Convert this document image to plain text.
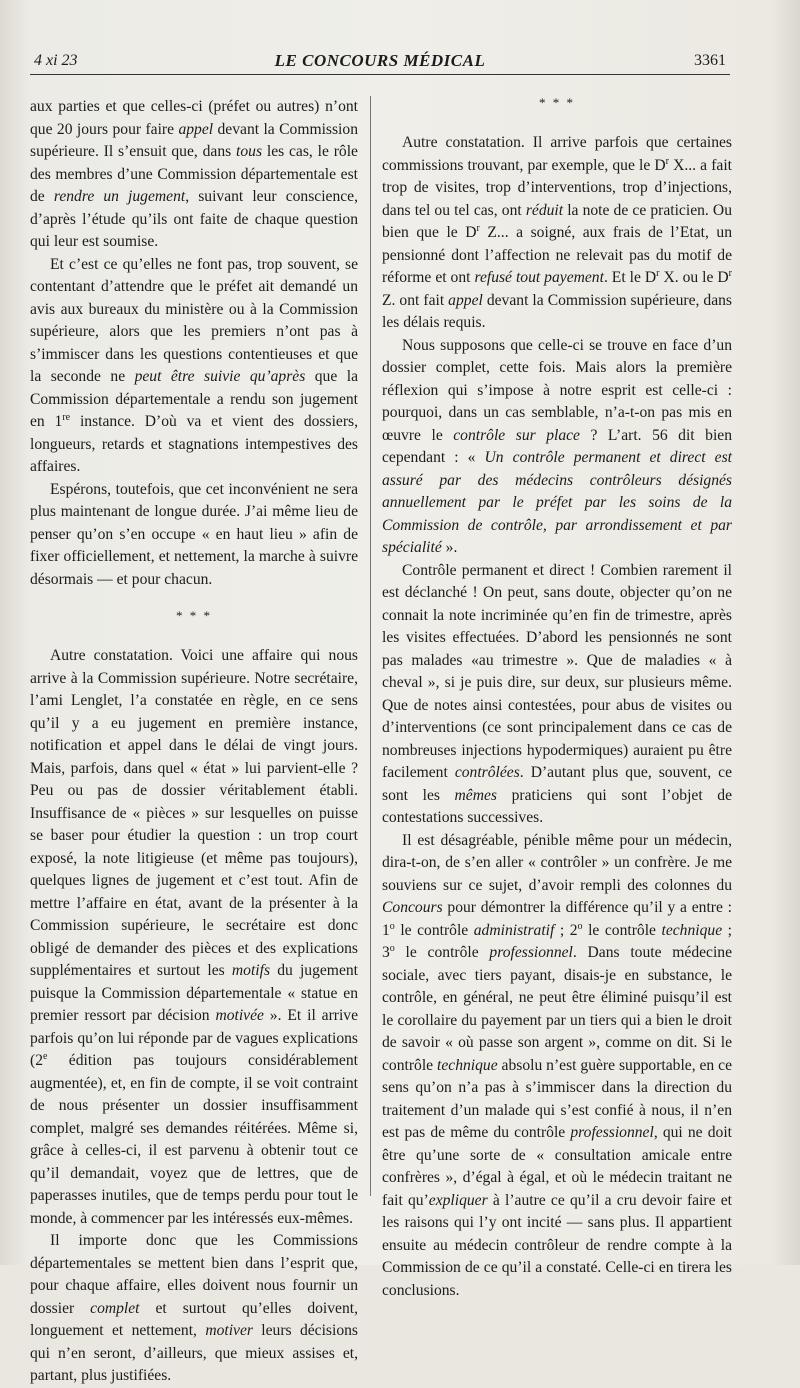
4 xi 23	LE CONCOURS MÉDICAL	3361

aux parties et que celles-ci (préfet ou autres) n’ont que 20 jours pour faire appel devant la Commission supérieure. Il s’ensuit que, dans tous les cas, le rôle des membres d’une Commission départementale est de rendre un jugement, suivant leur conscience, d’après l’étude qu’ils ont faite de chaque question qui leur est soumise.

Et c’est ce qu’elles ne font pas, trop souvent, se contentant d’attendre que le préfet ait demandé un avis aux bureaux du ministère ou à la Commission supérieure, alors que les premiers n’ont pas à s’immiscer dans les questions contentieuses et que la seconde ne peut être suivie qu’après que la Commission départementale a rendu son jugement en 1re instance. D’où va et vient des dossiers, longueurs, retards et stagnations intempestives des affaires.

Espérons, toutefois, que cet inconvénient ne sera plus maintenant de longue durée. J’ai même lieu de penser qu’on s’en occupe « en haut lieu » afin de fixer officiellement, et nettement, la marche à suivre désormais — et pour chacun.

* * *

Autre constatation. Voici une affaire qui nous arrive à la Commission supérieure. Notre secrétaire, l’ami Lenglet, l’a constatée en règle, en ce sens qu’il y a eu jugement en première instance, notification et appel dans le délai de vingt jours. Mais, parfois, dans quel « état » lui parvient-elle ? Peu ou pas de dossier véritablement établi. Insuffisance de « pièces » sur lesquelles on puisse se baser pour étudier la question : un trop court exposé, la note litigieuse (et même pas toujours), quelques lignes de jugement et c’est tout. Afin de mettre l’affaire en état, avant de la présenter à la Commission supérieure, le secrétaire est donc obligé de demander des pièces et des explications supplémentaires et surtout les motifs du jugement puisque la Commission départementale « statue en premier ressort par décision motivée ». Et il arrive parfois qu’on lui réponde par de vagues explications (2e édition pas toujours considérablement augmentée), et, en fin de compte, il se voit contraint de nous présenter un dossier insuffisamment complet, malgré ses demandes réitérées. Même si, grâce à celles-ci, il est parvenu à obtenir tout ce qu’il demandait, voyez que de lettres, que de paperasses inutiles, que de temps perdu pour tout le monde, à commencer par les intéressés eux-mêmes.

Il importe donc que les Commissions départementales se mettent bien dans l’esprit que, pour chaque affaire, elles doivent nous fournir un dossier complet et surtout qu’elles doivent, longuement et nettement, motiver leurs décisions qui n’en seront, d’ailleurs, que mieux assises et, partant, plus justifiées.

* * *

Autre constatation. Il arrive parfois que certaines commissions trouvant, par exemple, que le $D^r$ X... a fait trop de visites, trop d’interventions, trop d’injections, dans tel ou tel cas, ont réduit la note de ce praticien. Ou bien que le $D^r$ Z... a soigné, aux frais de l’Etat, un pensionné dont l’affection ne relevait pas du motif de réforme et ont refusé tout payement. Et le $D^r$ X. ou le $D^r$ Z. ont fait appel devant la Commission supérieure, dans les délais requis.

Nous supposons que celle-ci se trouve en face d’un dossier complet, cette fois. Mais alors la première réflexion qui s’impose à notre esprit est celle-ci : pourquoi, dans un cas semblable, n’a-t-on pas mis en œuvre le contrôle sur place ? L’art. 56 dit bien cependant : « Un contrôle permanent et direct est assuré par des médecins contrôleurs désignés annuellement par le préfet par les soins de la Commission de contrôle, par arrondissement et par spécialité ».

Contrôle permanent et direct ! Combien rarement il est déclanché ! On peut, sans doute, objecter qu’on ne connait la note incriminée qu’en fin de trimestre, après les visites effectuées. D’abord les pensionnés ne sont pas malades «au trimestre ». Que de maladies « à cheval », si je puis dire, sur deux, sur plusieurs même. Que de notes ainsi contestées, pour abus de visites ou d’interventions (ce sont principalement dans ce cas de nombreuses injections hypodermiques) auraient pu être facilement contrôlées. D’autant plus que, souvent, ce sont les mêmes praticiens qui sont l’objet de contestations successives.

Il est désagréable, pénible même pour un médecin, dira-t-on, de s’en aller « contrôler » un confrère. Je me souviens sur ce sujet, d’avoir rempli des colonnes du Concours pour démontrer la différence qu’il y a entre : 1$^o$ le contrôle administratif ; 2$^o$ le contrôle technique ; 3$^o$ le contrôle professionnel. Dans toute médecine sociale, avec tiers payant, disais-je en substance, le contrôle, en général, ne peut être éliminé puisqu’il est le corollaire du payement par un tiers qui a bien le droit de savoir « où passe son argent », comme on dit. Si le contrôle technique absolu n’est guère supportable, en ce sens qu’on n’a pas à s’immiscer dans la direction du traitement d’un malade qui s’est confié à nous, il n’en est pas de même du contrôle professionnel, qui ne doit être qu’une sorte de « consultation amicale entre confrères », d’égal à égal, et où le médecin traitant ne fait qu’expliquer à l’autre ce qu’il a cru devoir faire et les raisons qui l’y ont incité — sans plus. Il appartient ensuite au médecin contrôleur de rendre compte à la Commission de ce qu’il a constaté. Celle-ci en tirera les conclusions.
